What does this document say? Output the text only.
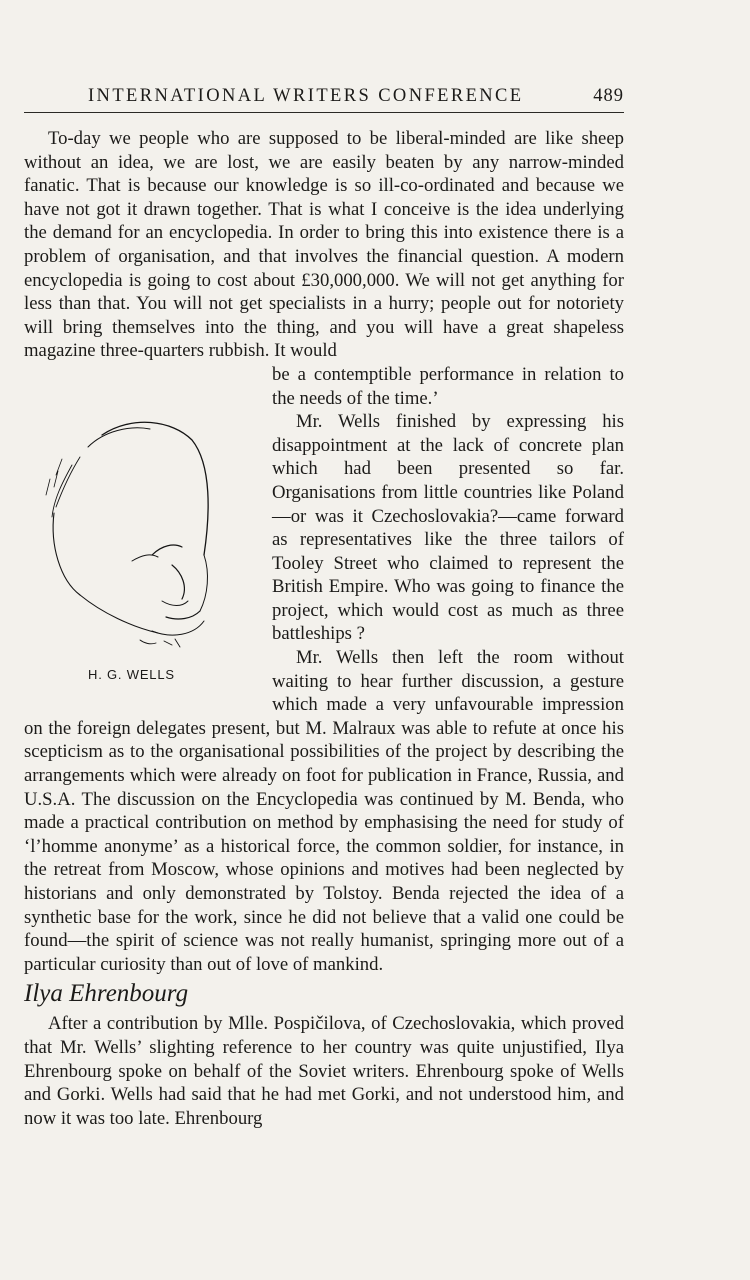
INTERNATIONAL WRITERS CONFERENCE	489

To-day we people who are supposed to be liberal-minded are like sheep without an idea, we are lost, we are easily beaten by any narrow-minded fanatic. That is because our knowledge is so ill-co-ordinated and because we have not got it drawn together. That is what I conceive is the idea underlying the demand for an encyclopedia. In order to bring this into existence there is a problem of organisation, and that involves the financial question. A modern encyclopedia is going to cost about £30,000,000. We will not get anything for less than that. You will not get specialists in a hurry; people out for notoriety will bring themselves into the thing, and you will have a great shapeless magazine three-quarters rubbish. It would

H. G. WELLS

be a contemptible performance in relation to the needs of the time.’

Mr. Wells finished by expressing his disappointment at the lack of concrete plan which had been presented so far. Organisations from little countries like Poland—or was it Czechoslovakia?—came forward as representatives like the three tailors of Tooley Street who claimed to represent the British Empire. Who was going to finance the project, which would cost as much as three battleships ?

Mr. Wells then left the room without waiting to hear further discussion, a gesture which made a very unfavourable impression on the foreign delegates present, but M. Malraux was able to refute at once his scepticism as to the organisational possibilities of the project by describing the arrangements which were already on foot for publication in France, Russia, and U.S.A. The discussion on the Encyclopedia was continued by M. Benda, who made a practical contribution on method by emphasising the need for study of ‘l’homme anonyme’ as a historical force, the common soldier, for instance, in the retreat from Moscow, whose opinions and motives had been neglected by historians and only demonstrated by Tolstoy. Benda rejected the idea of a synthetic base for the work, since he did not believe that a valid one could be found—the spirit of science was not really humanist, springing more out of a particular curiosity than out of love of mankind.

Ilya Ehrenbourg

After a contribution by Mlle. Pospičilova, of Czechoslovakia, which proved that Mr. Wells’ slighting reference to her country was quite unjustified, Ilya Ehrenbourg spoke on behalf of the Soviet writers. Ehrenbourg spoke of Wells and Gorki. Wells had said that he had met Gorki, and not understood him, and now it was too late. Ehrenbourg
